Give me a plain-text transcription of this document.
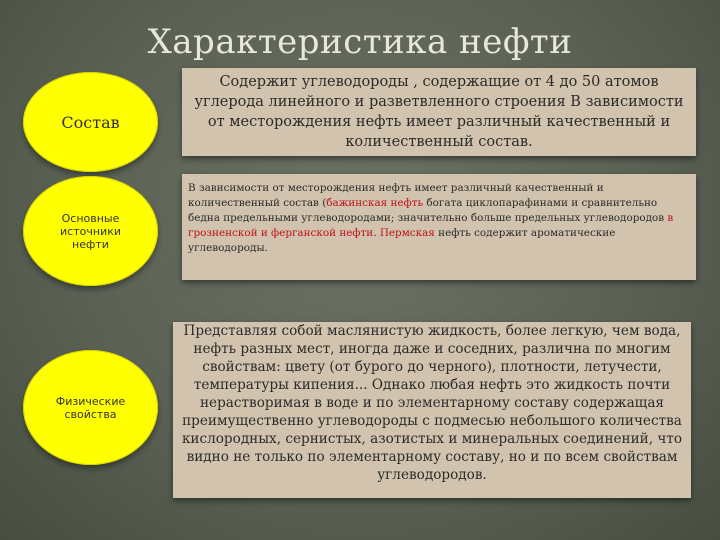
Характеристика нефти
Состав
Основные
источники
нефти
Физические
свойства

Содержит углеводороды , содержащие от 4 до 50 атомов углерода линейного и разветвленного строения В зависимости от месторождения нефть имеет различный качественный и количественный состав.

В зависимости от месторождения нефть имеет различный качественный и количественный состав (бажинская нефть богата циклопарафинами и сравнительно бедна предельными углеводородами; значительно больше предельных углеводородов в грозненской и ферганской нефти. Пермская нефть содержит ароматические углеводороды.

Представляя собой маслянистую жидкость, более легкую, чем вода, нефть разных мест, иногда даже и соседних, различна по многим свойствам: цвету (от бурого до черного), плотности, летучести, температуры кипения... Однако любая нефть это жидкость почти нерастворимая в воде и по элементарному составу содержащая преимущественно углеводороды с подмесью небольшого количества кислородных, сернистых, азотистых и минеральных соединений, что видно не только по элементарному составу, но и по всем свойствам углеводородов.
